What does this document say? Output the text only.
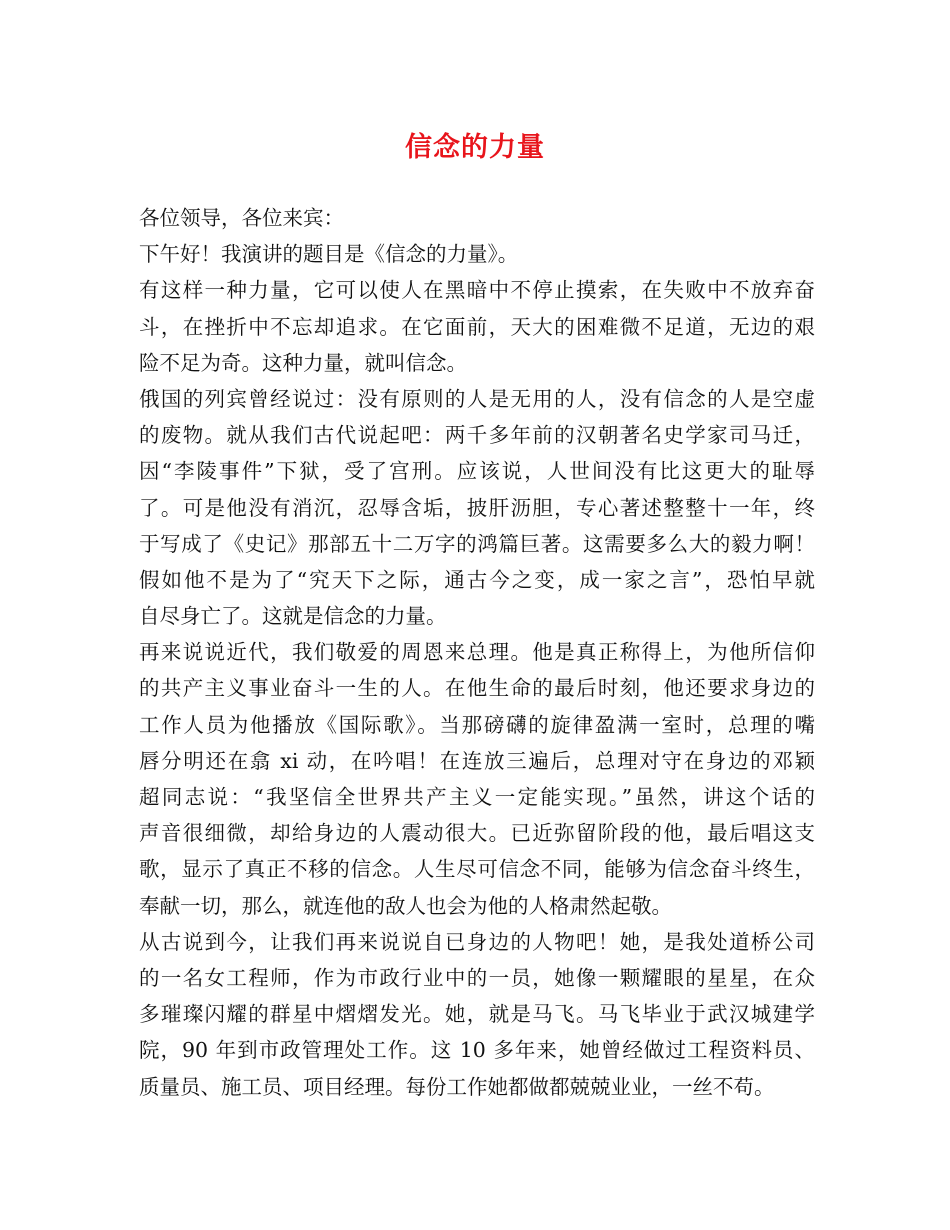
信念的力量
各位领导，各位来宾：
下午好！我演讲的题目是《信念的力量》。
有这样一种力量，它可以使人在黑暗中不停止摸索，在失败中不放弃奋
斗，在挫折中不忘却追求。在它面前，天大的困难微不足道，无边的艰
险不足为奇。这种力量，就叫信念。
俄国的列宾曾经说过：没有原则的人是无用的人，没有信念的人是空虚
的废物。就从我们古代说起吧：两千多年前的汉朝著名史学家司马迁，
因“李陵事件”下狱，受了宫刑。应该说，人世间没有比这更大的耻辱
了。可是他没有消沉，忍辱含垢，披肝沥胆，专心著述整整十一年，终
于写成了《史记》那部五十二万字的鸿篇巨著。这需要多么大的毅力啊！
假如他不是为了“究天下之际，通古今之变，成一家之言”，恐怕早就
自尽身亡了。这就是信念的力量。
再来说说近代，我们敬爱的周恩来总理。他是真正称得上，为他所信仰
的共产主义事业奋斗一生的人。在他生命的最后时刻，他还要求身边的
工作人员为他播放《国际歌》。当那磅礴的旋律盈满一室时，总理的嘴
唇分明还在翕 xi 动，在吟唱！在连放三遍后，总理对守在身边的邓颖
超同志说：“我坚信全世界共产主义一定能实现。”虽然，讲这个话的
声音很细微，却给身边的人震动很大。已近弥留阶段的他，最后唱这支
歌，显示了真正不移的信念。人生尽可信念不同，能够为信念奋斗终生，
奉献一切，那么，就连他的敌人也会为他的人格肃然起敬。
从古说到今，让我们再来说说自已身边的人物吧！她，是我处道桥公司
的一名女工程师，作为市政行业中的一员，她像一颗耀眼的星星，在众
多璀璨闪耀的群星中熠熠发光。她，就是马飞。马飞毕业于武汉城建学
院，90 年到市政管理处工作。这 10 多年来，她曾经做过工程资料员、
质量员、施工员、项目经理。每份工作她都做都兢兢业业，一丝不苟。
